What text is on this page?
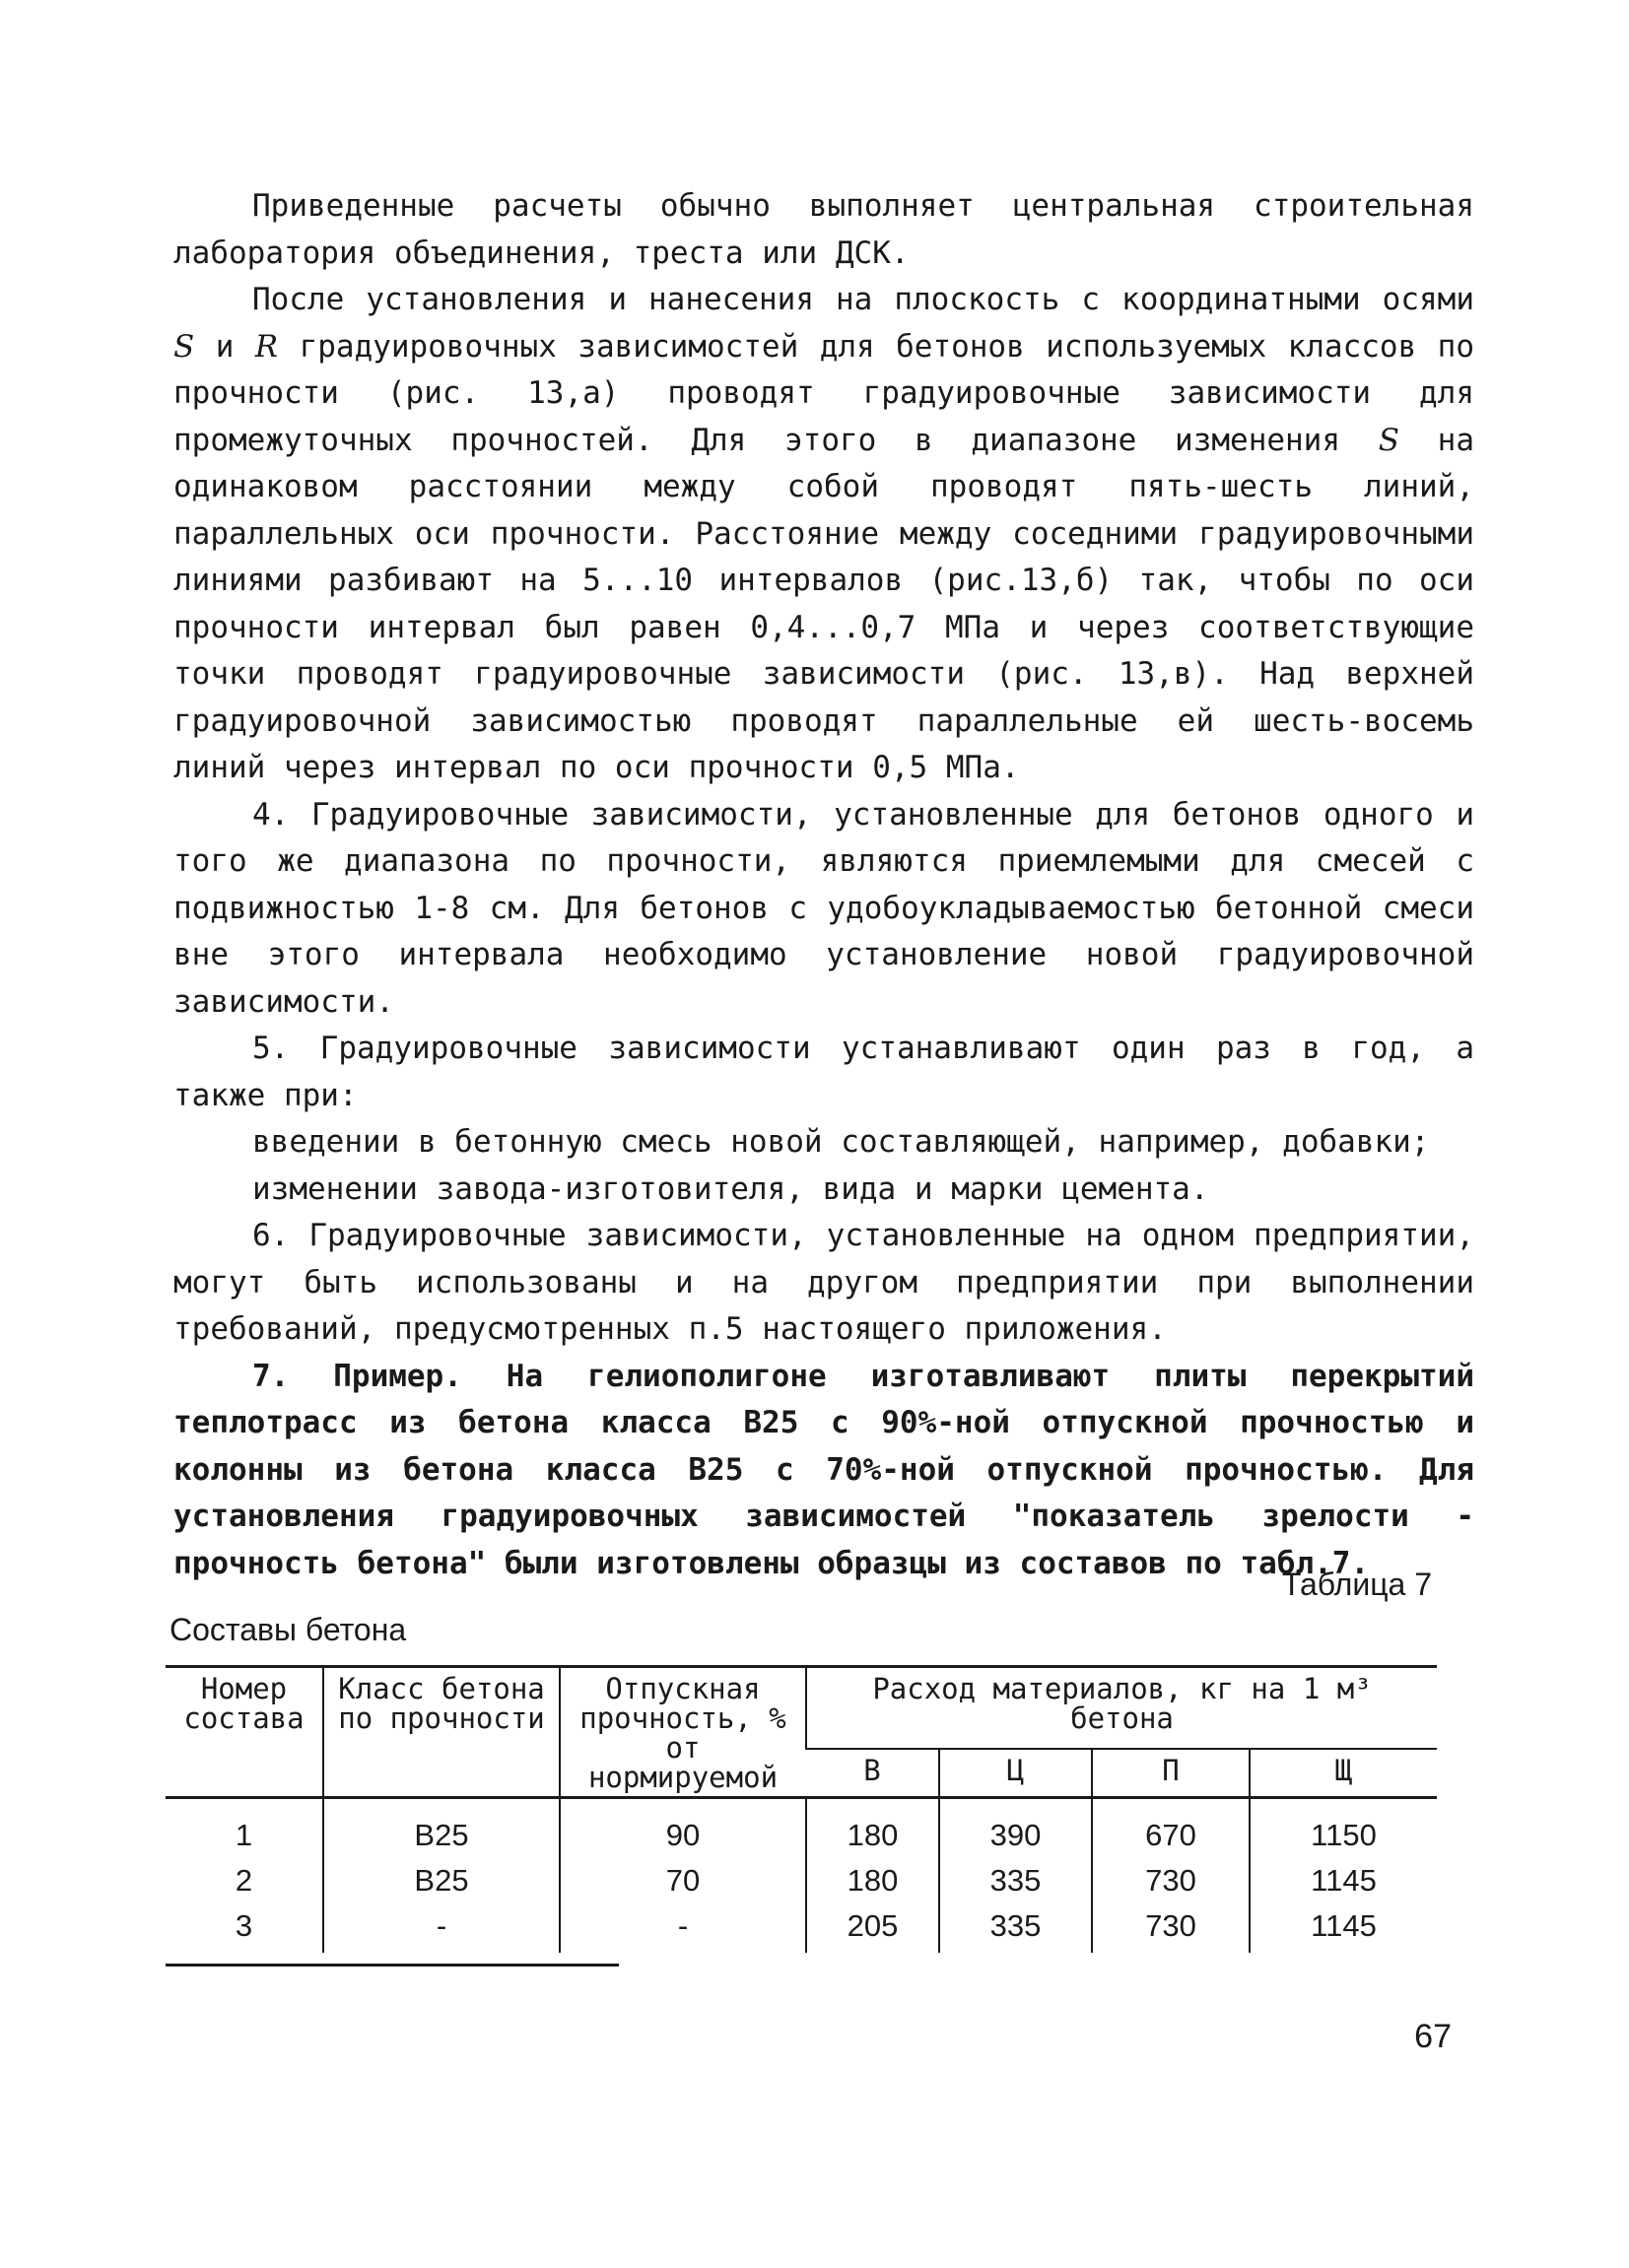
Приведенные расчеты обычно выполняет центральная строительная лаборатория объединения, треста или ДСК.

После установления и нанесения на плоскость с координатными осями S и R градуировочных зависимостей для бетонов используемых классов по прочности (рис. 13,а) проводят градуировочные зависимости для промежуточных прочностей. Для этого в диапазоне изменения S на одинаковом расстоянии между собой проводят пять-шесть линий, параллельных оси прочности. Расстояние между соседними градуировочными линиями разбивают на 5...10 интервалов (рис.13,б) так, чтобы по оси прочности интервал был равен 0,4...0,7 МПа и через соответствующие точки проводят градуировочные зависимости (рис. 13,в). Над верхней градуировочной зависимостью проводят параллельные ей шесть-восемь линий через интервал по оси прочности 0,5 МПа.

4. Градуировочные зависимости, установленные для бетонов одного и того же диапазона по прочности, являются приемлемыми для смесей с подвижностью 1-8 см. Для бетонов с удобоукладываемостью бетонной смеси вне этого интервала необходимо установление новой градуировочной зависимости.

5. Градуировочные зависимости устанавливают один раз в год, а также при:

введении в бетонную смесь новой составляющей, например, добавки;

изменении завода-изготовителя, вида и марки цемента.

6. Градуировочные зависимости, установленные на одном предприятии, могут быть использованы и на другом предприятии при выполнении требований, предусмотренных п.5 настоящего приложения.

7. Пример. На гелиополигоне изготавливают плиты перекрытий теплотрасс из бетона класса В25 с 90%-ной отпускной прочностью и колонны из бетона класса В25 с 70%-ной отпускной прочностью. Для установления градуировочных зависимостей "показатель зрелости - прочность бетона" были изготовлены образцы из составов по табл.7.

Таблица 7
Составы бетона
Номер состава	Класс бетона по прочности	Отпускная прочность, % от нормируемой	Расход материалов, кг на 1 м³ бетона			
			В	Ц	П	Щ
1	В25	90	180	390	670	1150
2	В25	70	180	335	730	1145
3	-	-	205	335	730	1145
67
